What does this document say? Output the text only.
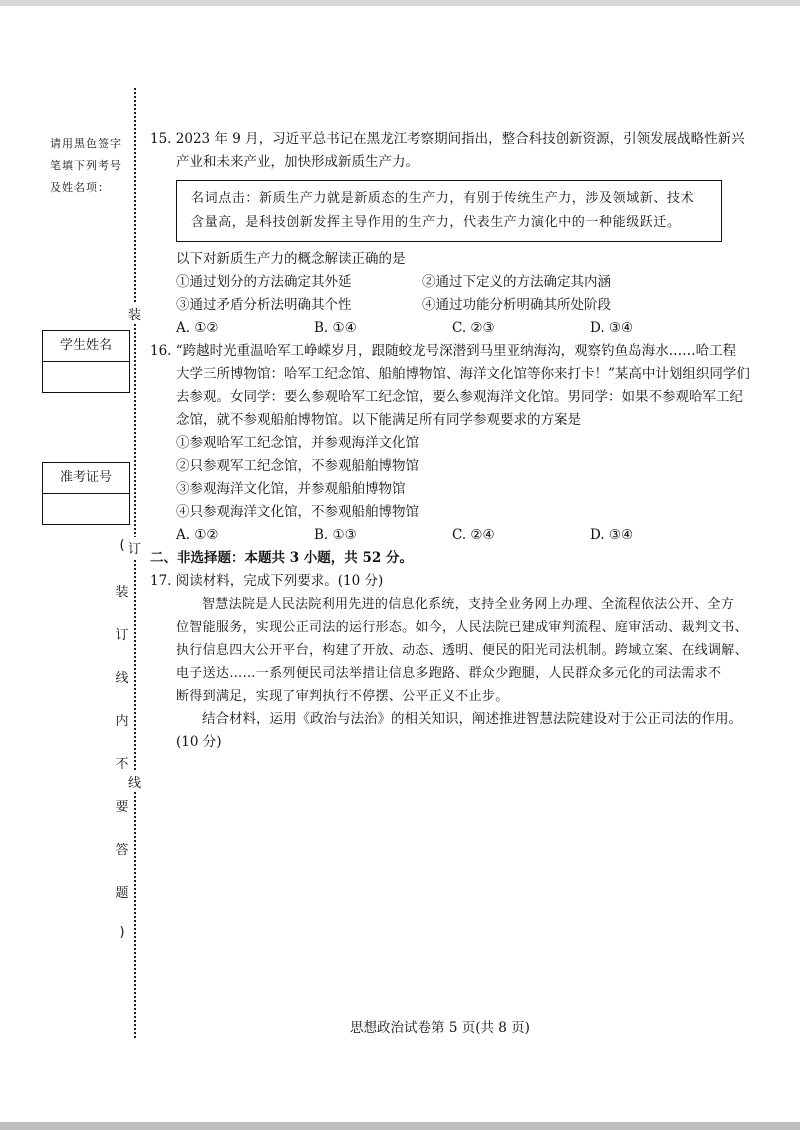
请用黑色签字
笔填下列考号
及姓名项：
学生姓名
准考证号
装
订
线
(
装
订
线
内
不
要
答
题
)
15. 2023 年 9 月，习近平总书记在黑龙江考察期间指出，整合科技创新资源，引领发展战略性新兴
产业和未来产业，加快形成新质生产力。
名词点击：新质生产力就是新质态的生产力，有别于传统生产力，涉及领域新、技术
含量高，是科技创新发挥主导作用的生产力，代表生产力演化中的一种能级跃迁。
以下对新质生产力的概念解读正确的是
①通过划分的方法确定其外延	②通过下定义的方法确定其内涵
③通过矛盾分析法明确其个性	④通过功能分析明确其所处阶段
A. ①②	B. ①④	C. ②③	D. ③④
16. “跨越时光重温哈军工峥嵘岁月，跟随蛟龙号深潜到马里亚纳海沟，观察钓鱼岛海水……哈工程
大学三所博物馆：哈军工纪念馆、船舶博物馆、海洋文化馆等你来打卡！”某高中计划组织同学们
去参观。女同学：要么参观哈军工纪念馆，要么参观海洋文化馆。男同学：如果不参观哈军工纪
念馆，就不参观船舶博物馆。以下能满足所有同学参观要求的方案是
①参观哈军工纪念馆，并参观海洋文化馆
②只参观军工纪念馆，不参观船舶博物馆
③参观海洋文化馆，并参观船舶博物馆
④只参观海洋文化馆，不参观船舶博物馆
A. ①②	B. ①③	C. ②④	D. ③④
二、非选择题：本题共 3 小题，共 52 分。
17. 阅读材料，完成下列要求。(10 分)
智慧法院是人民法院利用先进的信息化系统，支持全业务网上办理、全流程依法公开、全方
位智能服务，实现公正司法的运行形态。如今，人民法院已建成审判流程、庭审活动、裁判文书、
执行信息四大公开平台，构建了开放、动态、透明、便民的阳光司法机制。跨域立案、在线调解、
电子送达……一系列便民司法举措让信息多跑路、群众少跑腿，人民群众多元化的司法需求不
断得到满足，实现了审判执行不停摆、公平正义不止步。
结合材料，运用《政治与法治》的相关知识，阐述推进智慧法院建设对于公正司法的作用。
(10 分)
思想政治试卷第 5 页(共 8 页)
